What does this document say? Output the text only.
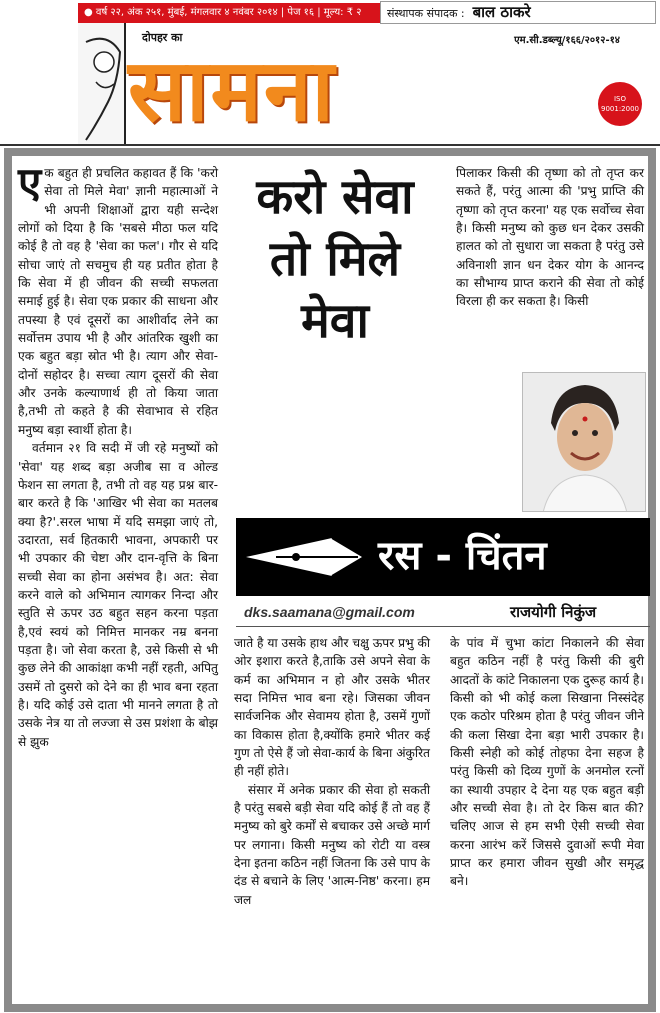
● वर्ष २२, अंक २५१, मुंबई, मंगलवार ४ नवंबर २०१४ | पेज १६ | मूल्य: ₹ २	संस्थापक संपादक : बाल ठाकरे
दोपहर का
सामना
एम.सी.डब्ल्यू/१६६/२०१२-१४
ISO 9001:2000

एक बहुत ही प्रचलित कहावत हैं कि 'करो सेवा तो मिले मेवा' ज्ञानी महात्माओं ने भी अपनी शिक्षाओं द्वारा यही सन्देश लोगों को दिया है कि 'सबसे मीठा फल यदि कोई है तो वह है 'सेवा का फल'। गौर से यदि सोचा जाएं तो सचमुच ही यह प्रतीत होता है कि सेवा में ही जीवन की सच्ची सफलता समाई हुई है। सेवा एक प्रकार की साधना और तपस्या है एवं दूसरों का आशीर्वाद लेने का सर्वोत्तम उपाय भी है और आंतरिक खुशी का एक बहुत बड़ा स्रोत भी है। त्याग और सेवा-दोनों सहोदर है। सच्चा त्याग दूसरों की सेवा और उनके कल्याणार्थ ही तो किया जाता है,तभी तो कहते है की सेवाभाव से रहित मनुष्य बड़ा स्वार्थी होता है।

वर्तमान २१ वि सदी में जी रहे मनुष्यों को 'सेवा' यह शब्द बड़ा अजीब सा व ओल्ड फेशन सा लगता है, तभी तो वह यह प्रश्न बार-बार करते है कि 'आखिर भी सेवा का मतलब क्या है?'.सरल भाषा में यदि समझा जाएं तो, उदारता, सर्व हितकारी भावना, अपकारी पर भी उपकार की चेष्टा और दान-वृत्ति के बिना सच्ची सेवा का होना असंभव है। अत: सेवा करने वाले को अभिमान त्यागकर निन्दा और स्तुति से ऊपर उठ बहुत सहन करना पड़ता है,एवं स्वयं को निमित्त मानकर नम्र बनना पड़ता है। जो सेवा करता है, उसे किसी से भी कुछ लेने की आकांक्षा कभी नहीं रहती, अपितु उसमें तो दुसरो को देने का ही भाव बना रहता है। यदि कोई उसे दाता भी मानने लगता है तो उसके नेत्र या तो लज्जा से उस प्रशंशा के बोझ से झुक

करो सेवा तो मिले मेवा

पिलाकर किसी की तृष्णा को तो तृप्त कर सकते हैं, परंतु आत्मा की 'प्रभु प्राप्ति की तृष्णा को तृप्त करना' यह एक सर्वोच्च सेवा है। किसी मनुष्य को कुछ धन देकर उसकी हालत को तो सुधारा जा सकता है परंतु उसे अविनाशी ज्ञान धन देकर योग के आनन्द का सौभाग्य प्राप्त कराने की सेवा तो कोई विरला ही कर सकता है। किसी

रस - चिंतन
dks.saamana@gmail.com	राजयोगी निकुंज

जाते है या उसके हाथ और चक्षु ऊपर प्रभु की ओर इशारा करते है,ताकि उसे अपने सेवा के कर्म का अभिमान न हो और उसके भीतर सदा निमित्त भाव बना रहे। जिसका जीवन सार्वजनिक और सेवामय होता है, उसमें गुणों का विकास होता है,क्योंकि हमारे भीतर कई गुण तो ऐसे हैं जो सेवा-कार्य के बिना अंकुरित ही नहीं होते।

संसार में अनेक प्रकार की सेवा हो सकती है परंतु सबसे बड़ी सेवा यदि कोई हैं तो वह हैं मनुष्य को बुरे कर्मों से बचाकर उसे अच्छे मार्ग पर लगाना। किसी मनुष्य को रोटी या वस्त्र देना इतना कठिन नहीं जितना कि उसे पाप के दंड से बचाने के लिए 'आत्म-निष्ठ' करना। हम जल

के पांव में चुभा कांटा निकालने की सेवा बहुत कठिन नहीं है परंतु किसी की बुरी आदतों के कांटे निकालना एक दुरूह कार्य है। किसी को भी कोई कला सिखाना निस्संदेह एक कठोर परिश्रम होता है परंतु जीवन जीने की कला सिखा देना बड़ा भारी उपकार है। किसी स्नेही को कोई तोहफा देना सहज है परंतु किसी को दिव्य गुणों के अनमोल रत्नों का स्थायी उपहार दे देना यह एक बहुत बड़ी और सच्ची सेवा है। तो देर किस बात की? चलिए आज से हम सभी ऐसी सच्ची सेवा करना आरंभ करें जिससे दुवाओं रूपी मेवा प्राप्त कर हमारा जीवन सुखी और समृद्ध बने।
